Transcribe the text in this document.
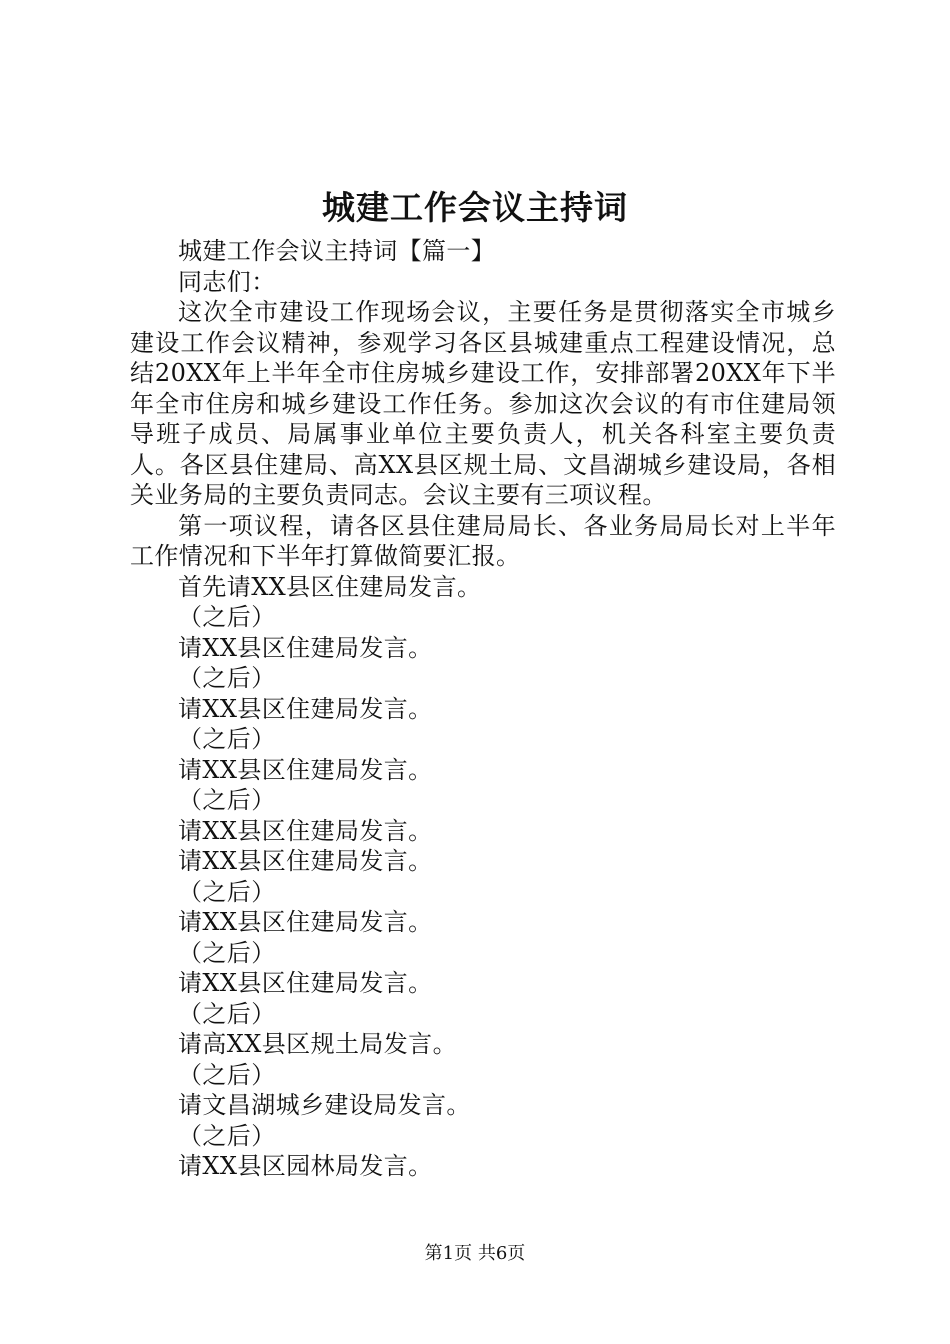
城建工作会议主持词

城建工作会议主持词【篇一】

同志们：

这次全市建设工作现场会议，主要任务是贯彻落实全市城乡建设工作会议精神，参观学习各区县城建重点工程建设情况，总结20XX年上半年全市住房城乡建设工作，安排部署20XX年下半年全市住房和城乡建设工作任务。参加这次会议的有市住建局领导班子成员、局属事业单位主要负责人，机关各科室主要负责人。各区县住建局、高XX县区规土局、文昌湖城乡建设局，各相关业务局的主要负责同志。会议主要有三项议程。

第一项议程，请各区县住建局局长、各业务局局长对上半年工作情况和下半年打算做简要汇报。

首先请XX县区住建局发言。

（之后）

请XX县区住建局发言。

（之后）

请XX县区住建局发言。

（之后）

请XX县区住建局发言。

（之后）

请XX县区住建局发言。

请XX县区住建局发言。

（之后）

请XX县区住建局发言。

（之后）

请XX县区住建局发言。

（之后）

请高XX县区规土局发言。

（之后）

请文昌湖城乡建设局发言。

（之后）

请XX县区园林局发言。

第1页 共6页
